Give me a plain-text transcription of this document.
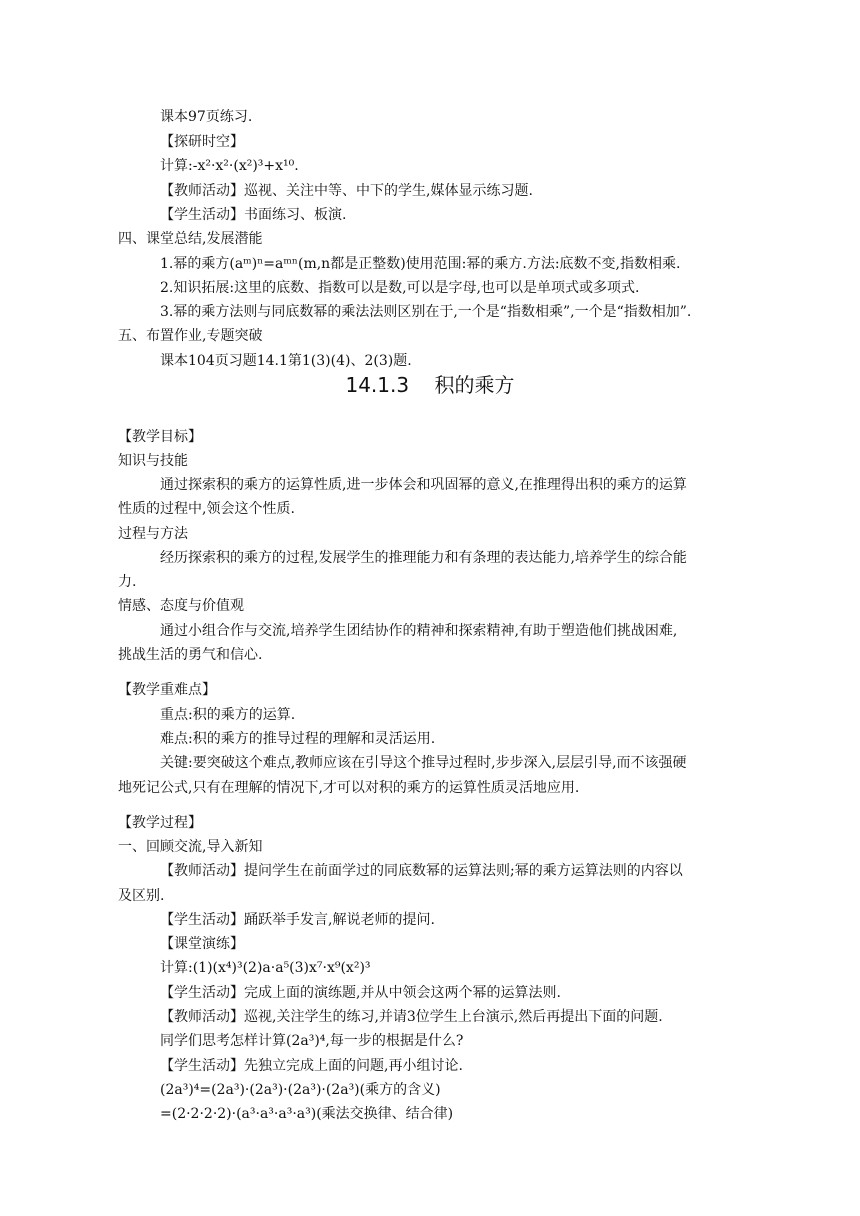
课本97页练习.
【探研时空】
计算:-x²·x²·(x²)³+x¹⁰.
【教师活动】巡视、关注中等、中下的学生,媒体显示练习题.
【学生活动】书面练习、板演.
四、课堂总结,发展潜能
1.幂的乘方(aᵐ)ⁿ=aᵐⁿ(m,n都是正整数)使用范围:幂的乘方.方法:底数不变,指数相乘.
2.知识拓展:这里的底数、指数可以是数,可以是字母,也可以是单项式或多项式.
3.幂的乘方法则与同底数幂的乘法法则区别在于,一个是“指数相乘”,一个是“指数相加”.
五、布置作业,专题突破
课本104页习题14.1第1(3)(4)、2(3)题.
14.1.3 积的乘方
【教学目标】
知识与技能
通过探索积的乘方的运算性质,进一步体会和巩固幂的意义,在推理得出积的乘方的运算
性质的过程中,领会这个性质.
过程与方法
经历探索积的乘方的过程,发展学生的推理能力和有条理的表达能力,培养学生的综合能
力.
情感、态度与价值观
通过小组合作与交流,培养学生团结协作的精神和探索精神,有助于塑造他们挑战困难,
挑战生活的勇气和信心.
【教学重难点】
重点:积的乘方的运算.
难点:积的乘方的推导过程的理解和灵活运用.
关键:要突破这个难点,教师应该在引导这个推导过程时,步步深入,层层引导,而不该强硬
地死记公式,只有在理解的情况下,才可以对积的乘方的运算性质灵活地应用.
【教学过程】
一、回顾交流,导入新知
【教师活动】提问学生在前面学过的同底数幂的运算法则;幂的乘方运算法则的内容以
及区别.
【学生活动】踊跃举手发言,解说老师的提问.
【课堂演练】
计算:(1)(x⁴)³(2)a·a⁵(3)x⁷·x⁹(x²)³
【学生活动】完成上面的演练题,并从中领会这两个幂的运算法则.
【教师活动】巡视,关注学生的练习,并请3位学生上台演示,然后再提出下面的问题.
同学们思考怎样计算(2a³)⁴,每一步的根据是什么?
【学生活动】先独立完成上面的问题,再小组讨论.
(2a³)⁴=(2a³)·(2a³)·(2a³)·(2a³)(乘方的含义)
=(2·2·2·2)·(a³·a³·a³·a³)(乘法交换律、结合律)
